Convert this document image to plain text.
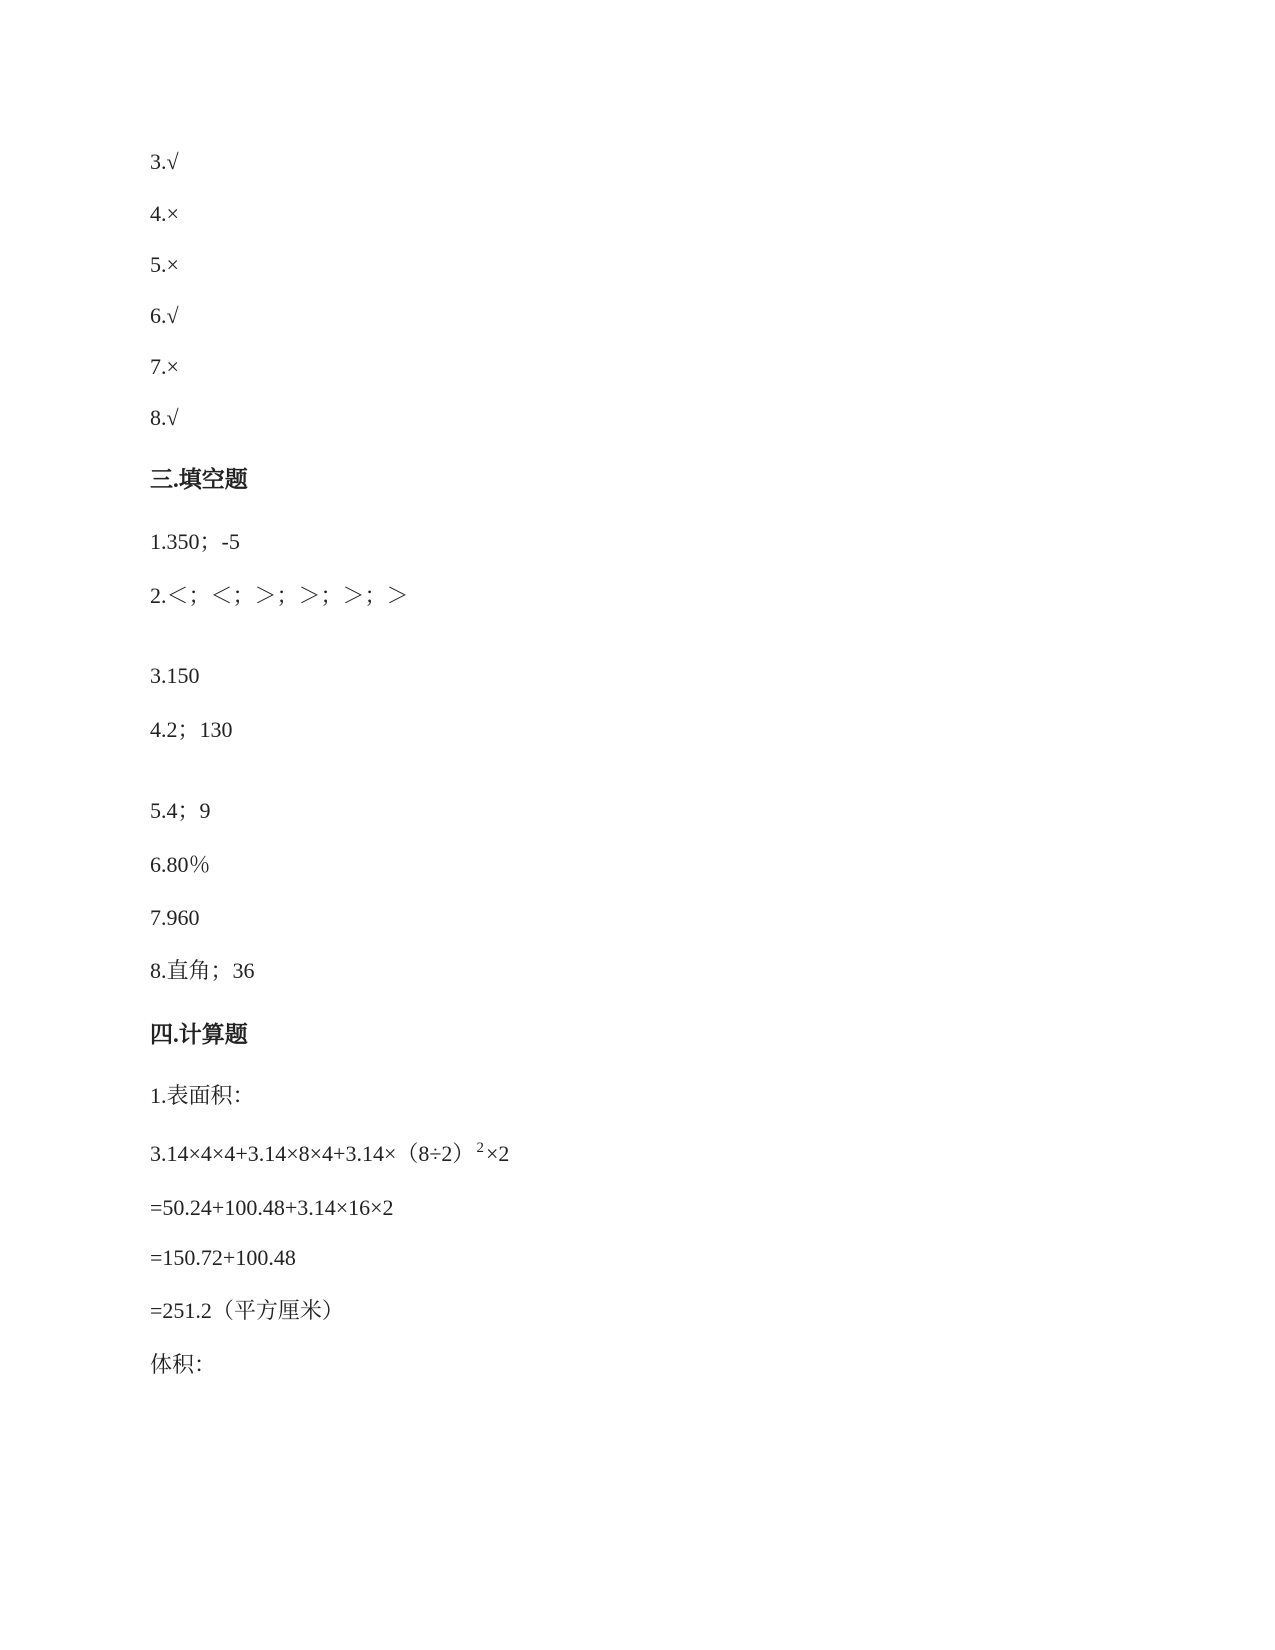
3.√
4.×
5.×
6.√
7.×
8.√
三.填空题
1.350；-5
2.＜；＜；＞；＞；＞；＞
3.150
4.2；130
5.4；9
6.80％
7.960
8.直角；36
四.计算题
1.表面积：
3.14×4×4+3.14×8×4+3.14×（8÷2） $^2$×2
=50.24+100.48+3.14×16×2
=150.72+100.48
=251.2（平方厘米）
体积：
